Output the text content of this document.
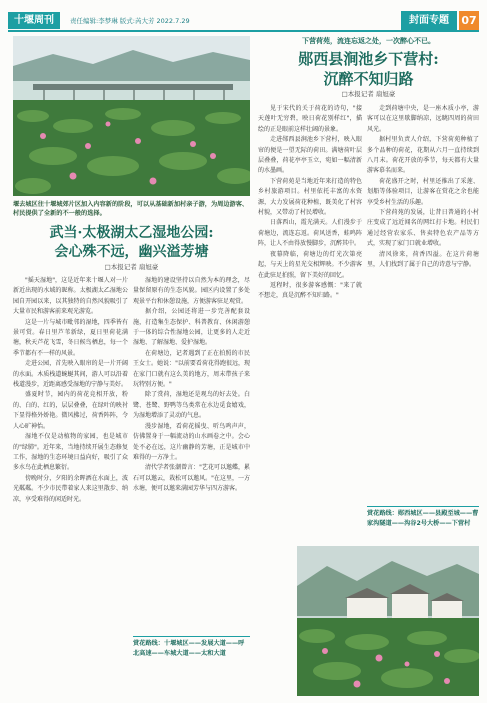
十堰周刊	责任编辑:李梦琳 版式:芮大芳 2022.7.29	封面专题	07
堰去城区往十堰城郊片区加入内容新的阶段，可以从基础新加村亲子游，为周边游客、村民提供了全新的不一般的选择。
武当·太极湖太乙湿地公园:
会心殊不远，幽兴溢芳塘
□本报记者 扇旭豪

"摇天湿地"，这是近年来十堰人对一片新近出现的水域的昵称。太极湖太乙湿地公园自开园以来，以其独特的自然风貌吸引了大量市民和游客前来观光游览。

这是一片与城市毗邻的湿地，四季皆有景可赏。春日里芦苇新绿，夏日里荷花满塘，秋天芦花飞雪，冬日候鸟栖息，每一个季节都有不一样的风景。

走进公园，首先映入眼帘的是一片开阔的水面。木质栈道蜿蜒其间，游人可以沿着栈道漫步，近距离感受湿地的宁静与美好。

盛夏时节，园内的荷花竞相开放，粉的、白的、红的，层层叠叠，在绿叶的映衬下显得格外娇艳。微风拂过，荷香阵阵，令人心旷神怡。

湿地不仅是动植物的家园，也是城市的"绿肺"。近年来，当地持续开展生态修复工作，湿地的生态环境日益向好，吸引了众多水鸟在此栖息繁衍。

傍晚时分，夕阳的余晖洒在水面上，波光粼粼。不少市民带着家人来这里散步、纳凉，享受难得的闲适时光。

湿地的建设坚持以自然为本的理念，尽量保留原有的生态风貌。园区内设置了多处观景平台和休憩设施，方便游客驻足观赏。

据介绍，公园还将进一步完善配套设施，打造集生态保护、科普教育、休闲游憩于一体的综合性湿地公园，让更多的人走近湿地、了解湿地、爱护湿地。

在荷塘边，记者遇到了正在拍照的市民王女士。她说："以前要看荷花得跑很远，现在家门口就有这么美的地方，周末带孩子来玩特别方便。"

除了赏荷，湿地还是观鸟的好去处。白鹭、苍鹭、野鸭等鸟类常在水边觅食嬉戏，为湿地增添了灵动的气息。

漫步湿地，看荷花摇曳、听鸟鸣声声，仿佛置身于一幅流动的山水画卷之中。会心处不必在远，这片幽静的芳塘，正是城市中难得的一方净土。

清代学者张潮曾言："艺花可以邀蝶，累石可以邀云，栽松可以邀风。"在这里，一方水塘，便可以邀来满园芳华与四方游客。

赏花路线：十堰城区——发展大道——呼北高速——车城大道——太和大道
下营荷苑，流连忘返之处，一次醉心不已。
郧西县涧池乡下营村:
沉醉不知归路
□本报记者 扇旭豪

见于宋代的关于荷花的诗句，"接天莲叶无穷碧，映日荷花别样红"，描绘的正是眼前这样壮阔的景象。

走进郧西县涧池乡下营村，映入眼帘的便是一望无际的荷田。满塘荷叶层层叠叠，荷花亭亭玉立，宛如一幅清新的水墨画。

下营荷苑是当地近年来打造的特色乡村旅游项目。村里依托丰富的水资源，大力发展荷花种植，既美化了村容村貌，又带动了村民增收。

日落西山，霞光满天。人们漫步于荷塘边，流连忘返。荷风送香，蛙鸣阵阵，让人不由得放慢脚步，沉醉其中。

夜幕降临，荷塘边的灯光次第亮起，与天上的星光交相辉映。不少游客在此驻足拍照，留下美好的回忆。

返程时，很多游客感慨："来了就不想走，真是沉醉不知归路。"

走到荷塘中央，是一座木质小亭，游客可以在这里歇脚纳凉，远眺四周的荷田风光。

据村里负责人介绍，下营荷苑种植了多个品种的荷花，花期从六月一直持续到八月末。荷花开放的季节，每天都有大量游客慕名而来。

荷花盛开之时，村里还推出了采莲、划船等体验项目，让游客在赏花之余也能享受乡村生活的乐趣。

下营荷苑的发展，让昔日普通的小村庄变成了远近闻名的网红打卡地。村民们通过经营农家乐、售卖特色农产品等方式，实现了家门口就业增收。

清风徐来，荷香四溢。在这片荷塘里，人们找到了属于自己的诗意与宁静。

赏花路线：郧西城区——县殿至城——曹家沟隧道——沟谷2号大桥——下营村
